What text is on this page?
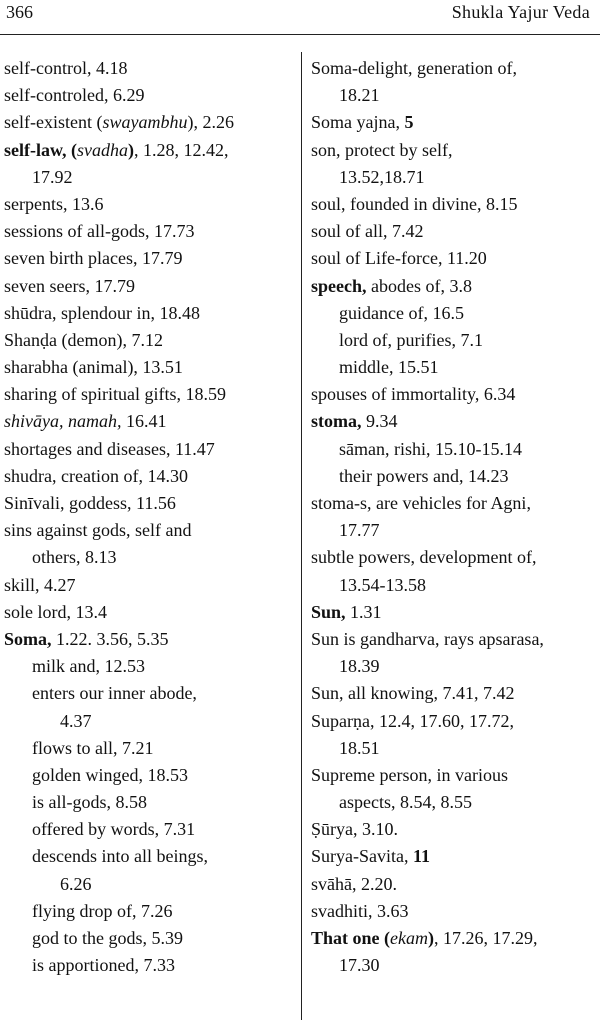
366	Shukla Yajur Veda
self-control, 4.18
self-controled, 6.29
self-existent (swayambhu), 2.26
self-law, (svadha), 1.28, 12.42,
17.92
serpents, 13.6
sessions of all-gods, 17.73
seven birth places, 17.79
seven seers, 17.79
shūdra, splendour in, 18.48
Shanḍa (demon), 7.12
sharabha (animal), 13.51
sharing of spiritual gifts, 18.59
shivāya, namah, 16.41
shortages and diseases, 11.47
shudra, creation of, 14.30
Sinīvali, goddess, 11.56
sins against gods, self and
others, 8.13
skill, 4.27
sole lord, 13.4
Soma, 1.22. 3.56, 5.35
milk and, 12.53
enters our inner abode,
4.37
flows to all, 7.21
golden winged, 18.53
is all-gods, 8.58
offered by words, 7.31
descends into all beings,
6.26
flying drop of, 7.26
god to the gods, 5.39
is apportioned, 7.33
Soma-delight, generation of,
18.21
Soma yajna, 5
son, protect by self,
13.52,18.71
soul, founded in divine, 8.15
soul of all, 7.42
soul of Life-force, 11.20
speech, abodes of, 3.8
guidance of, 16.5
lord of, purifies, 7.1
middle, 15.51
spouses of immortality, 6.34
stoma, 9.34
sāman, rishi, 15.10-15.14
their powers and, 14.23
stoma-s, are vehicles for Agni,
17.77
subtle powers, development of,
13.54-13.58
Sun, 1.31
Sun is gandharva, rays apsarasa,
18.39
Sun, all knowing, 7.41, 7.42
Suparṇa, 12.4, 17.60, 17.72,
18.51
Supreme person, in various
aspects, 8.54, 8.55
Ṣūrya, 3.10.
Surya-Savita, 11
svāhā, 2.20.
svadhiti, 3.63
That one (ekam), 17.26, 17.29,
17.30
